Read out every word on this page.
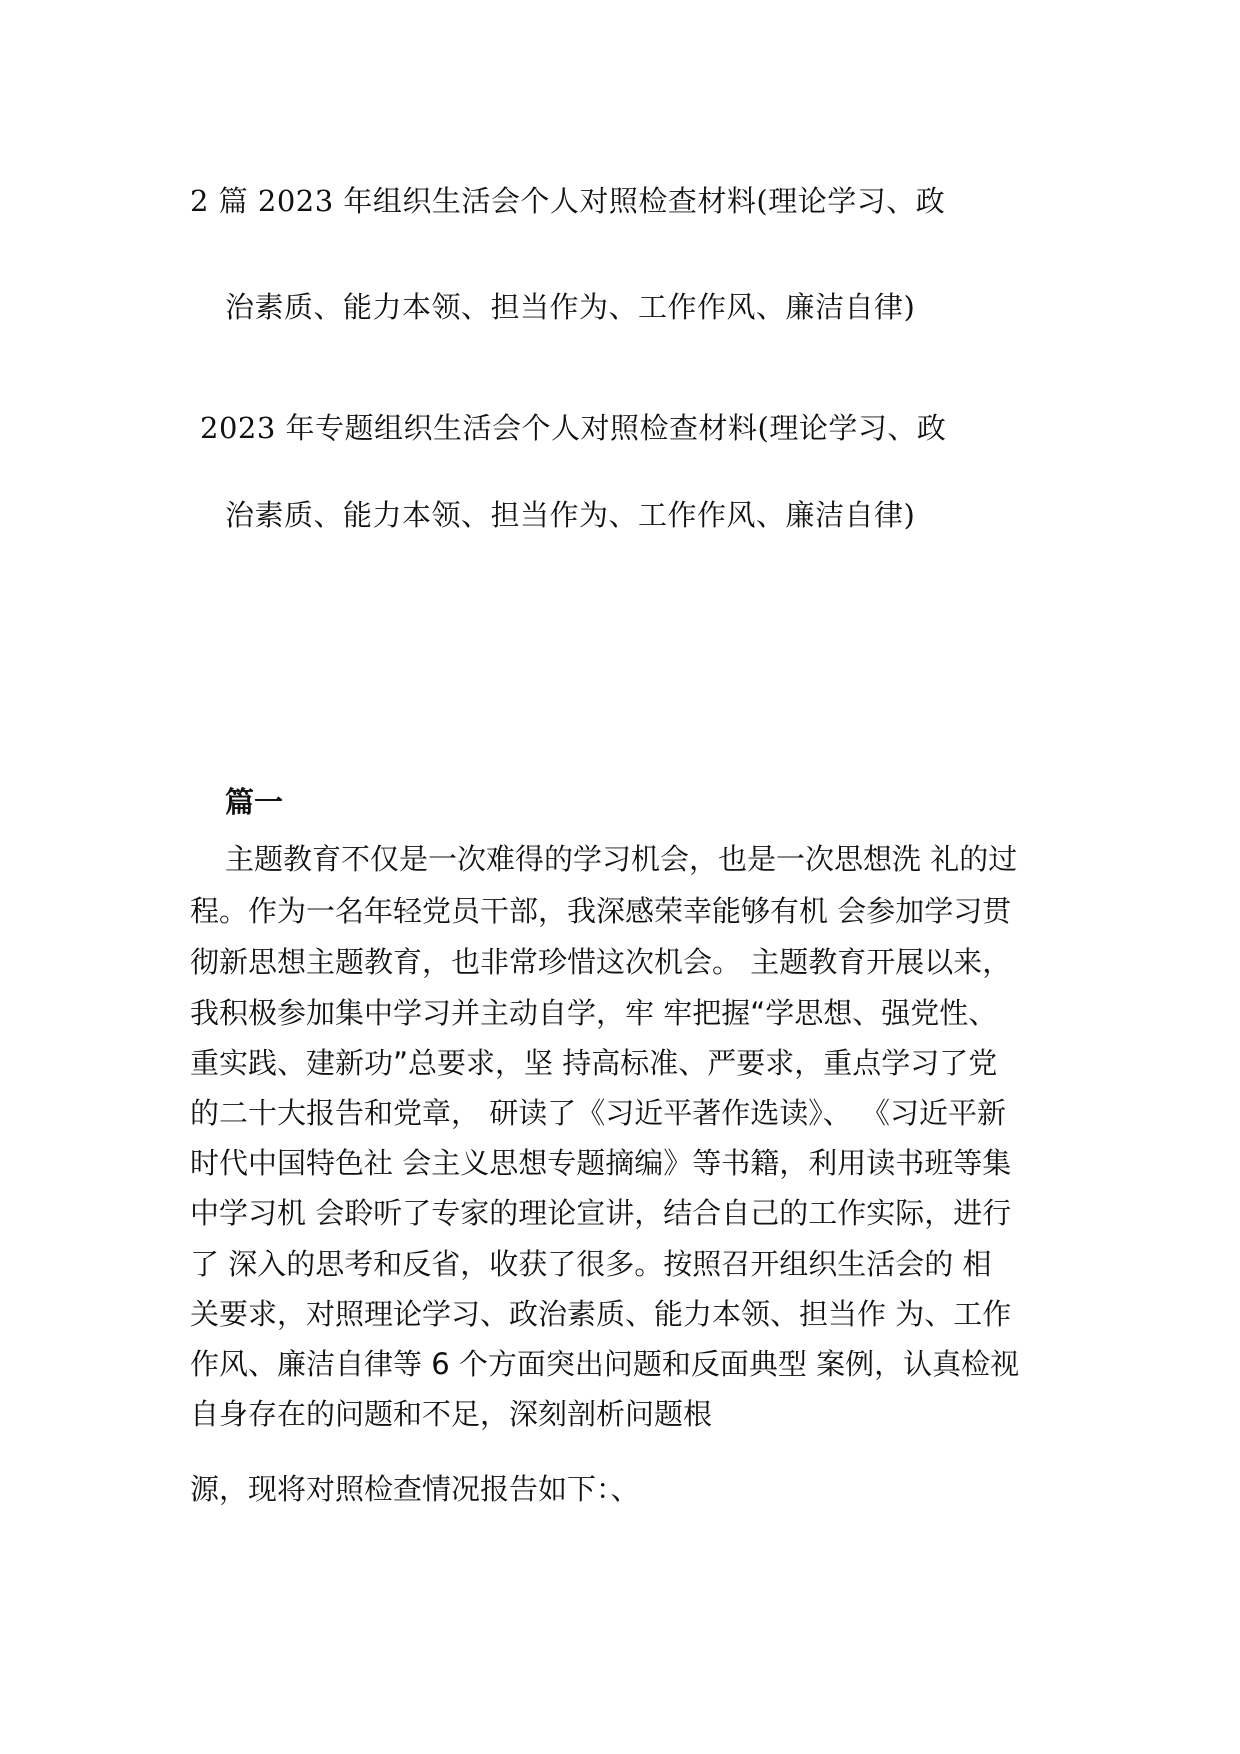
2 篇 2023 年组织生活会个人对照检查材料(理论学习、政

治素质、能力本领、担当作为、工作作风、廉洁自律)

2023 年专题组织生活会个人对照检查材料(理论学习、政

治素质、能力本领、担当作为、工作作风、廉洁自律)

篇一

主题教育不仅是一次难得的学习机会，也是一次思想洗 礼的过

程。作为一名年轻党员干部，我深感荣幸能够有机 会参加学习贯

彻新思想主题教育，也非常珍惜这次机会。 主题教育开展以来，

我积极参加集中学习并主动自学，牢 牢把握“学思想、强党性、

重实践、建新功”总要求，坚 持高标准、严要求，重点学习了党

的二十大报告和党章， 研读了《习近平著作选读》、 《习近平新

时代中国特色社 会主义思想专题摘编》等书籍，利用读书班等集

中学习机 会聆听了专家的理论宣讲，结合自己的工作实际，进行

了 深入的思考和反省，收获了很多。按照召开组织生活会的 相

关要求，对照理论学习、政治素质、能力本领、担当作 为、工作

作风、廉洁自律等 6 个方面突出问题和反面典型 案例，认真检视

自身存在的问题和不足，深刻剖析问题根

源，现将对照检查情况报告如下：、
